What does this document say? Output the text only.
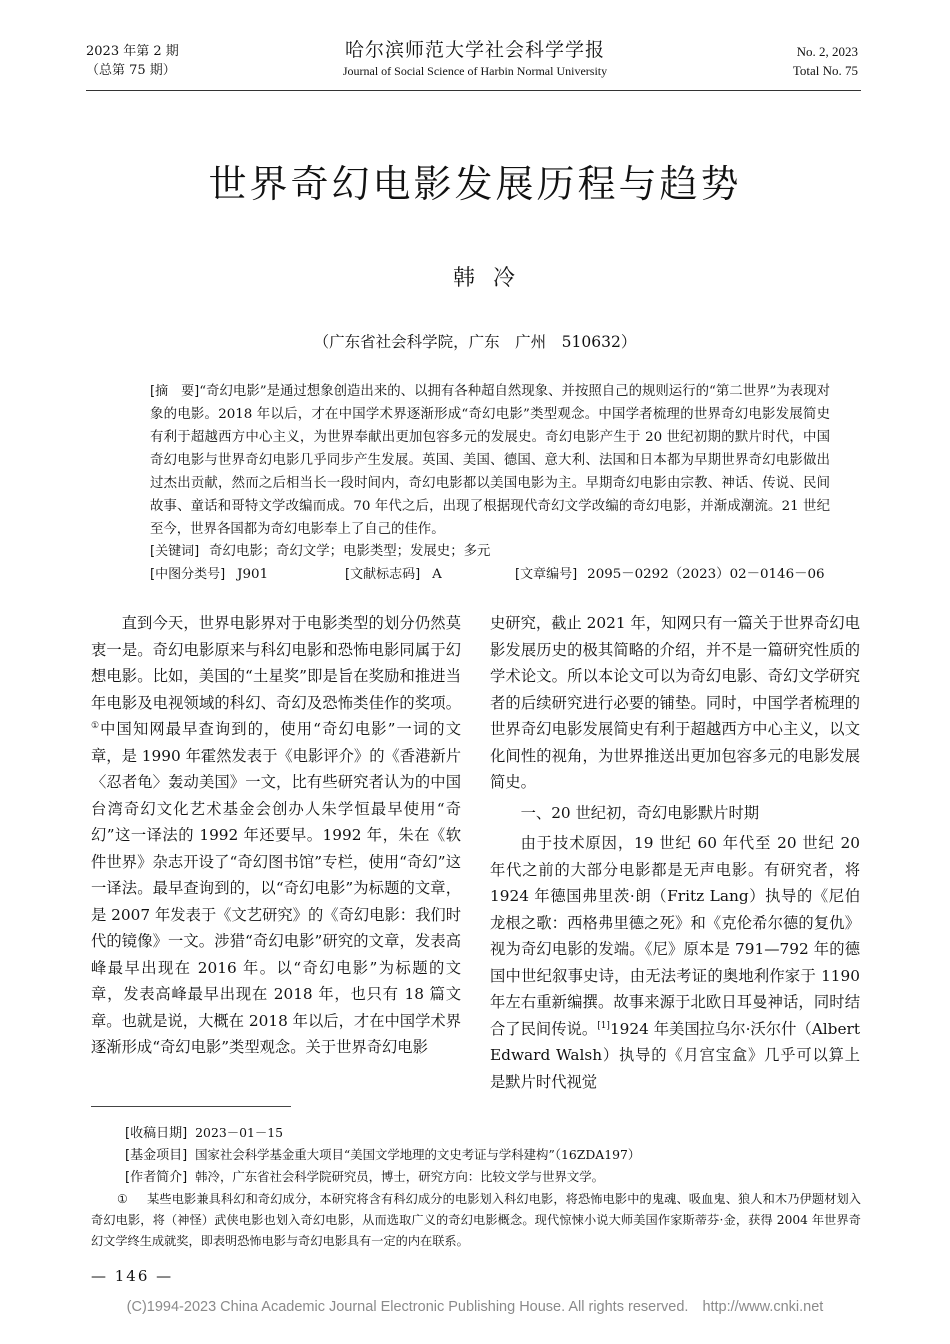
2023 年第 2 期
（总第 75 期）
哈尔滨师范大学社会科学学报
Journal of Social Science of Harbin Normal University
No. 2, 2023
Total No. 75
世界奇幻电影发展历程与趋势
韩冷
（广东省社会科学院，广东　广州　510632）

[ 摘　要 ] “奇幻电影”是通过想象创造出来的、以拥有各种超自然现象、并按照自己的规则运行的“第二世界”为表现对象的电影。2018 年以后，才在中国学术界逐渐形成“奇幻电影”类型观念。中国学者梳理的世界奇幻电影发展简史有利于超越西方中心主义，为世界奉献出更加包容多元的发展史。奇幻电影产生于 20 世纪初期的默片时代，中国奇幻电影与世界奇幻电影几乎同步产生发展。英国、美国、德国、意大利、法国和日本都为早期世界奇幻电影做出过杰出贡献，然而之后相当长一段时间内，奇幻电影都以美国电影为主。早期奇幻电影由宗教、神话、传说、民间故事、童话和哥特文学改编而成。70 年代之后，出现了根据现代奇幻文学改编的奇幻电影，并渐成潮流。21 世纪至今，世界各国都为奇幻电影奉上了自己的佳作。

[ 关键词 ] 奇幻电影；奇幻文学；电影类型；发展史；多元
[ 中图分类号 ] J901	[ 文献标志码 ] A	[ 文章编号 ] 2095－0292（2023）02－0146－06

直到今天，世界电影界对于电影类型的划分仍然莫衷一是。奇幻电影原来与科幻电影和恐怖电影同属于幻想电影。比如，美国的“土星奖”即是旨在奖励和推进当年电影及电视领域的科幻、奇幻及恐怖类佳作的奖项。①中国知网最早查询到的，使用“奇幻电影”一词的文章，是 1990 年霍然发表于《电影评介》的《香港新片〈忍者龟〉轰动美国》一文，比有些研究者认为的中国台湾奇幻文化艺术基金会创办人朱学恒最早使用“奇幻”这一译法的 1992 年还要早。1992 年，朱在《软件世界》杂志开设了“奇幻图书馆”专栏，使用“奇幻”这一译法。最早查询到的，以“奇幻电影”为标题的文章，是 2007 年发表于《文艺研究》的《奇幻电影：我们时代的镜像》一文。涉猎“奇幻电影”研究的文章，发表高峰最早出现在 2016 年。以“奇幻电影”为标题的文章，发表高峰最早出现在 2018 年，也只有 18 篇文章。也就是说，大概在 2018 年以后，才在中国学术界逐渐形成“奇幻电影”类型观念。关于世界奇幻电影

史研究，截止 2021 年，知网只有一篇关于世界奇幻电影发展历史的极其简略的介绍，并不是一篇研究性质的学术论文。所以本论文可以为奇幻电影、奇幻文学研究者的后续研究进行必要的铺垫。同时，中国学者梳理的世界奇幻电影发展简史有利于超越西方中心主义，以文化间性的视角，为世界推送出更加包容多元的电影发展简史。

一、20 世纪初，奇幻电影默片时期

由于技术原因，19 世纪 60 年代至 20 世纪 20 年代之前的大部分电影都是无声电影。有研究者，将 1924 年德国弗里茨·朗（Fritz Lang）执导的《尼伯龙根之歌：西格弗里德之死》和《克伦希尔德的复仇》视为奇幻电影的发端。《尼》原本是 791—792 年的德国中世纪叙事史诗，由无法考证的奥地利作家于 1190 年左右重新编撰。故事来源于北欧日耳曼神话，同时结合了民间传说。[1]1924 年美国拉乌尔·沃尔什（Albert Edward Walsh）执导的《月宫宝盒》几乎可以算上是默片时代视觉

[ 收稿日期 ] 2023－01－15
[ 基金项目 ] 国家社会科学基金重大项目“美国文学地理的文史考证与学科建构”（16ZDA197）
[ 作者简介 ] 韩冷，广东省社会科学院研究员，博士，研究方向：比较文学与世界文学。
① 某些电影兼具科幻和奇幻成分，本研究将含有科幻成分的电影划入科幻电影，将恐怖电影中的鬼魂、吸血鬼、狼人和木乃伊题材划入奇幻电影，将（神怪）武侠电影也划入奇幻电影，从而选取广义的奇幻电影概念。现代惊悚小说大师美国作家斯蒂芬·金，获得 2004 年世界奇幻文学终生成就奖，即表明恐怖电影与奇幻电影具有一定的内在联系。
— 146 —
(C)1994-2023 China Academic Journal Electronic Publishing House. All rights reserved. http://www.cnki.net
